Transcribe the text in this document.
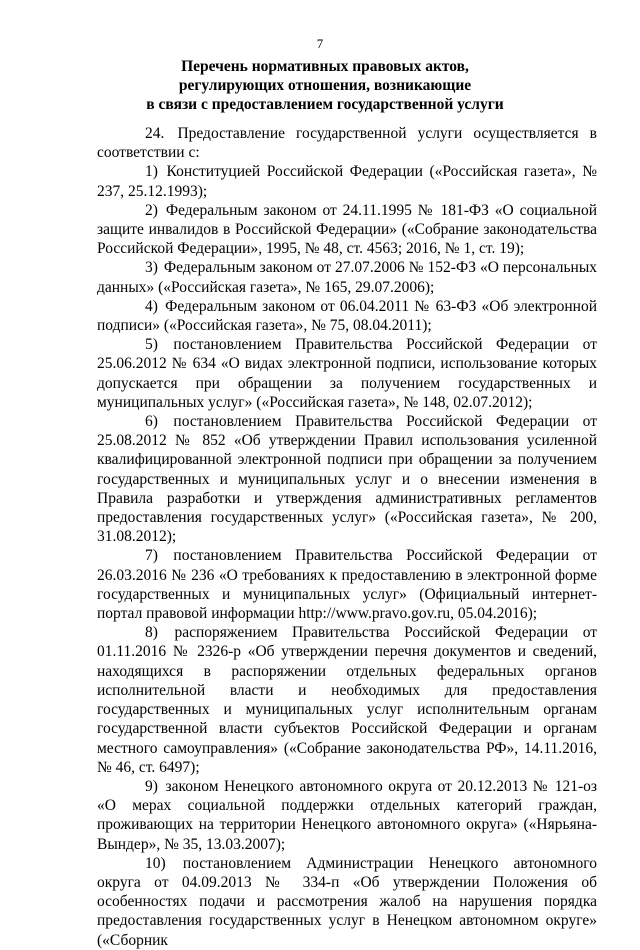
7
Перечень нормативных правовых актов,
регулирующих отношения, возникающие
в связи с предоставлением государственной услуги

24. Предоставление государственной услуги осуществляется в соответствии с:

1) Конституцией Российской Федерации («Российская газета», № 237, 25.12.1993);

2) Федеральным законом от 24.11.1995 № 181-ФЗ «О социальной защите инвалидов в Российской Федерации» («Собрание законодательства Российской Федерации», 1995, № 48, ст. 4563; 2016, № 1, ст. 19);

3) Федеральным законом от 27.07.2006 № 152-ФЗ «О персональных данных» («Российская газета», № 165, 29.07.2006);

4) Федеральным законом от 06.04.2011 № 63-ФЗ «Об электронной подписи» («Российская газета», № 75, 08.04.2011);

5) постановлением Правительства Российской Федерации от 25.06.2012 № 634 «О видах электронной подписи, использование которых допускается при обращении за получением государственных и муниципальных услуг» («Российская газета», № 148, 02.07.2012);

6) постановлением Правительства Российской Федерации от 25.08.2012 № 852 «Об утверждении Правил использования усиленной квалифицированной электронной подписи при обращении за получением государственных и муниципальных услуг и о внесении изменения в Правила разработки и утверждения административных регламентов предоставления государственных услуг» («Российская газета», № 200, 31.08.2012);

7) постановлением Правительства Российской Федерации от 26.03.2016 № 236 «О требованиях к предоставлению в электронной форме государственных и муниципальных услуг» (Официальный интернет-портал правовой информации http://www.pravo.gov.ru, 05.04.2016);

8) распоряжением Правительства Российской Федерации от 01.11.2016 № 2326-р «Об утверждении перечня документов и сведений, находящихся в распоряжении отдельных федеральных органов исполнительной власти и необходимых для предоставления государственных и муниципальных услуг исполнительным органам государственной власти субъектов Российской Федерации и органам местного самоуправления» («Собрание законодательства РФ», 14.11.2016, № 46, ст. 6497);

9) законом Ненецкого автономного округа от 20.12.2013 № 121-оз «О мерах социальной поддержки отдельных категорий граждан, проживающих на территории Ненецкого автономного округа» («Нярьяна-Вындер», № 35, 13.03.2007);

10) постановлением Администрации Ненецкого автономного округа от 04.09.2013 № 334-п «Об утверждении Положения об особенностях подачи и рассмотрения жалоб на нарушения порядка предоставления государственных услуг в Ненецком автономном округе» («Сборник
